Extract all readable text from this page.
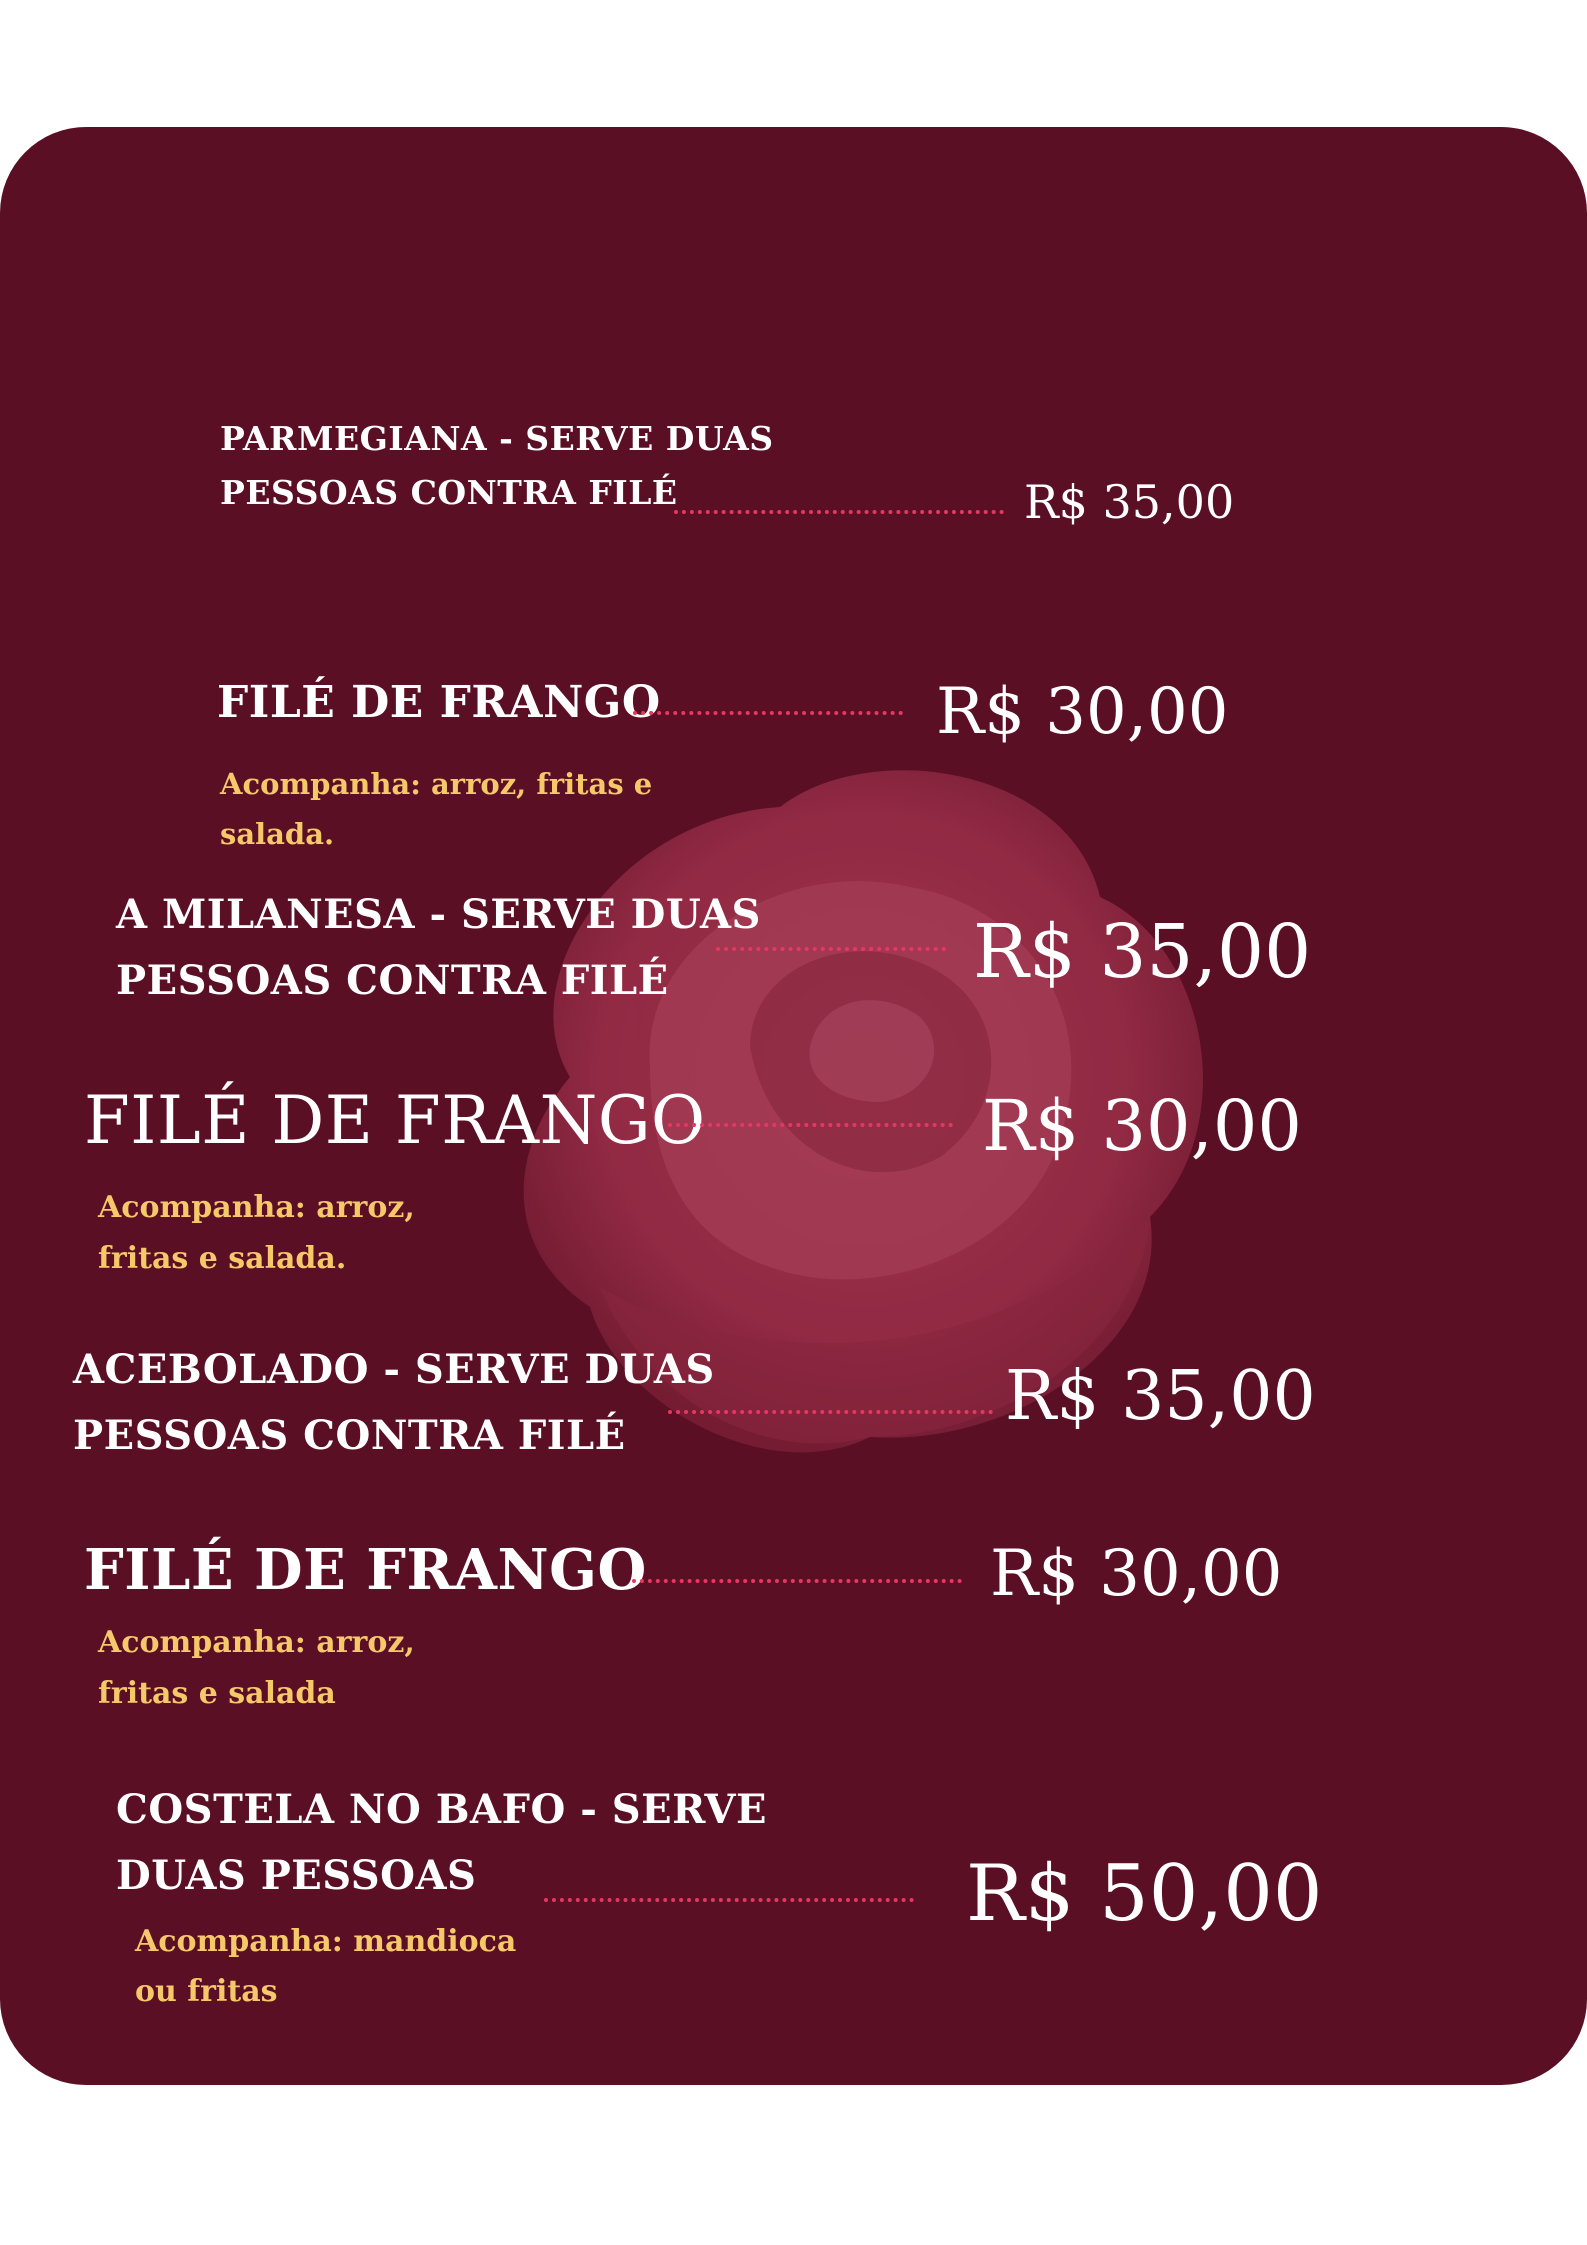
PARMEGIANA - SERVE DUAS
PESSOAS CONTRA FILÉ	R$ 35,00
FILÉ DE FRANGO	R$ 30,00
Acompanha: arroz, fritas e
salada.
A MILANESA - SERVE DUAS
PESSOAS CONTRA FILÉ	R$ 35,00
FILÉ DE FRANGO	R$ 30,00
Acompanha: arroz,
fritas e salada.
ACEBOLADO - SERVE DUAS
PESSOAS CONTRA FILÉ	R$ 35,00
FILÉ DE FRANGO	R$ 30,00
Acompanha: arroz,
fritas e salada
COSTELA NO BAFO - SERVE
DUAS PESSOAS	R$ 50,00
Acompanha: mandioca
ou fritas
